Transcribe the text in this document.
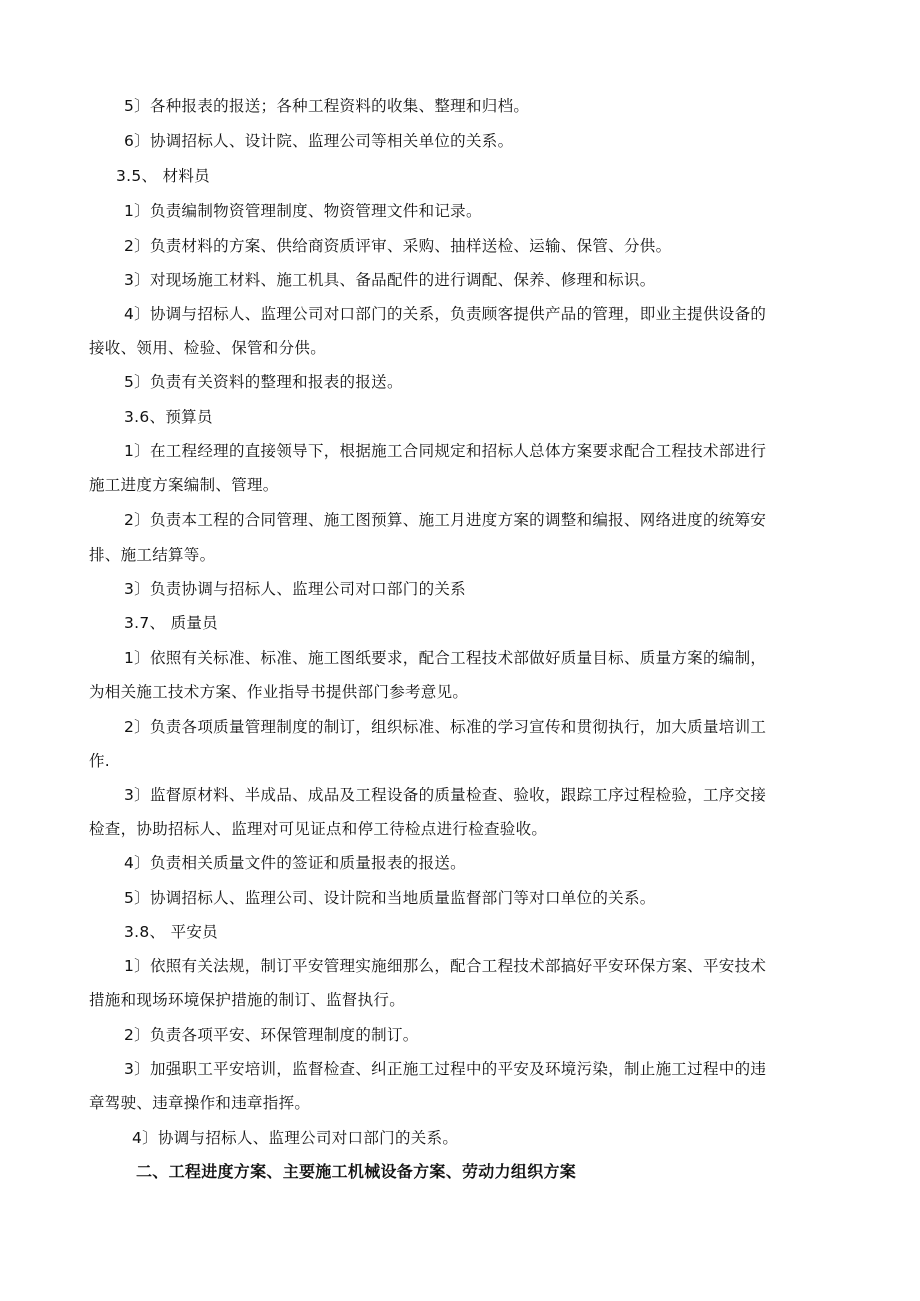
5〕各种报表的报送；各种工程资料的收集、整理和归档。
6〕协调招标人、设计院、监理公司等相关单位的关系。
3.5、 材料员
1〕负责编制物资管理制度、物资管理文件和记录。
2〕负责材料的方案、供给商资质评审、采购、抽样送检、运输、保管、分供。
3〕对现场施工材料、施工机具、备品配件的进行调配、保养、修理和标识。
4〕协调与招标人、监理公司对口部门的关系，负责顾客提供产品的管理，即业主提供设备的
接收、领用、检验、保管和分供。
5〕负责有关资料的整理和报表的报送。
3.6、预算员
1〕在工程经理的直接领导下，根据施工合同规定和招标人总体方案要求配合工程技术部进行
施工进度方案编制、管理。
2〕负责本工程的合同管理、施工图预算、施工月进度方案的调整和编报、网络进度的统筹安
排、施工结算等。
3〕负责协调与招标人、监理公司对口部门的关系
3.7、 质量员
1〕依照有关标准、标准、施工图纸要求，配合工程技术部做好质量目标、质量方案的编制，
为相关施工技术方案、作业指导书提供部门参考意见。
2〕负责各项质量管理制度的制订，组织标准、标准的学习宣传和贯彻执行，加大质量培训工
作.
3〕监督原材料、半成品、成品及工程设备的质量检查、验收，跟踪工序过程检验，工序交接
检查，协助招标人、监理对可见证点和停工待检点进行检查验收。
4〕负责相关质量文件的签证和质量报表的报送。
5〕协调招标人、监理公司、设计院和当地质量监督部门等对口单位的关系。
3.8、 平安员
1〕依照有关法规，制订平安管理实施细那么，配合工程技术部搞好平安环保方案、平安技术
措施和现场环境保护措施的制订、监督执行。
2〕负责各项平安、环保管理制度的制订。
3〕加强职工平安培训，监督检查、纠正施工过程中的平安及环境污染，制止施工过程中的违
章驾驶、违章操作和违章指挥。
4〕协调与招标人、监理公司对口部门的关系。
二、工程进度方案、主要施工机械设备方案、劳动力组织方案
